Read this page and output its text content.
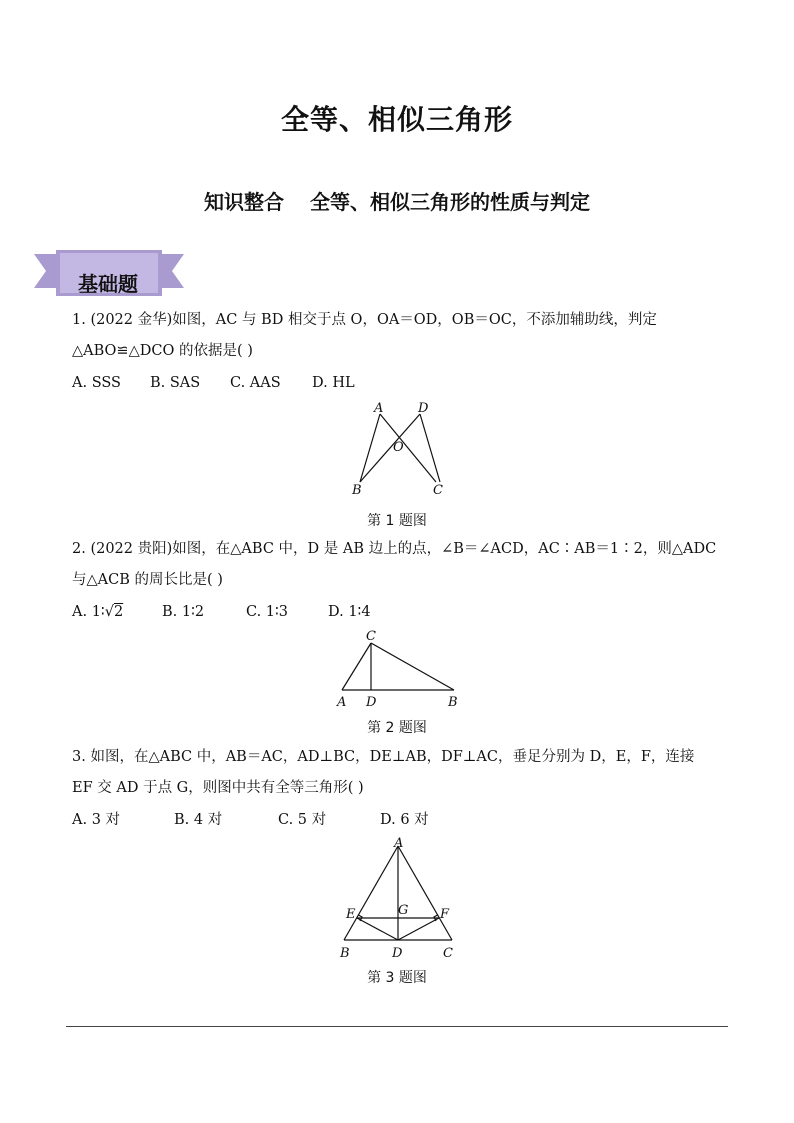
全等、相似三角形
知识整合 全等、相似三角形的性质与判定
基础题
1. (2022 金华)如图，AC 与 BD 相交于点 O，OA＝OD，OB＝OC，不添加辅助线，判定
△ABO≌△DCO 的依据是( )
A. SSS B. SAS C. AAS D. HL
A	D
O
B	C
第 1 题图
2. (2022 贵阳)如图，在△ABC 中，D 是 AB 边上的点，∠B＝∠ACD，AC∶AB＝1∶2，则△ADC
与△ACB 的周长比是( )
A. 1∶√2	B. 1∶2	C. 1∶3	D. 1∶4
C
A D	B
第 2 题图
3. 如图，在△ABC 中，AB＝AC，AD⊥BC，DE⊥AB，DF⊥AC，垂足分别为 D，E，F，连接
EF 交 AD 于点 G，则图中共有全等三角形( )
A. 3 对	B. 4 对	C. 5 对	D. 6 对
A
E	G F
B	D	C
第 3 题图
